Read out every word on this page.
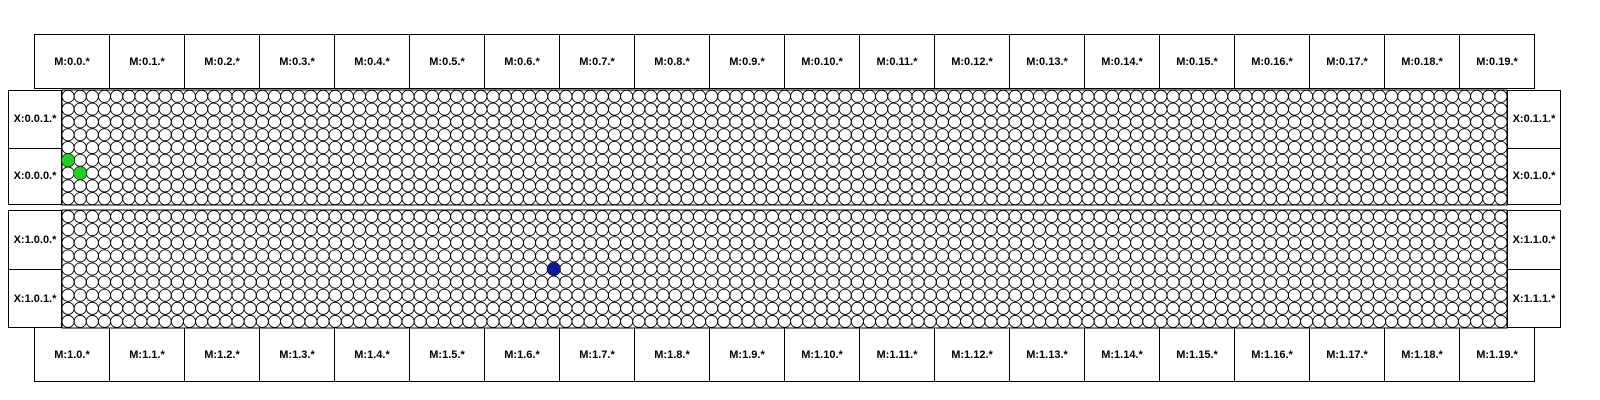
M:0.0.*
M:1.0.*
M:0.1.*
M:1.1.*
M:0.2.*
M:1.2.*
M:0.3.*
M:1.3.*
M:0.4.*
M:1.4.*
M:0.5.*
M:1.5.*
M:0.6.*
M:1.6.*
M:0.7.*
M:1.7.*
M:0.8.*
M:1.8.*
M:0.9.*
M:1.9.*
M:0.10.*
M:1.10.*
M:0.11.*
M:1.11.*
M:0.12.*
M:1.12.*
M:0.13.*
M:1.13.*
M:0.14.*
M:1.14.*
M:0.15.*
M:1.15.*
M:0.16.*
M:1.16.*
M:0.17.*
M:1.17.*
M:0.18.*
M:1.18.*
M:0.19.*
M:1.19.*
X:0.0.1.*	X:0.1.1.*
X:0.0.0.*	X:0.1.0.*
X:1.0.0.*	X:1.1.0.*
X:1.0.1.*	X:1.1.1.*
